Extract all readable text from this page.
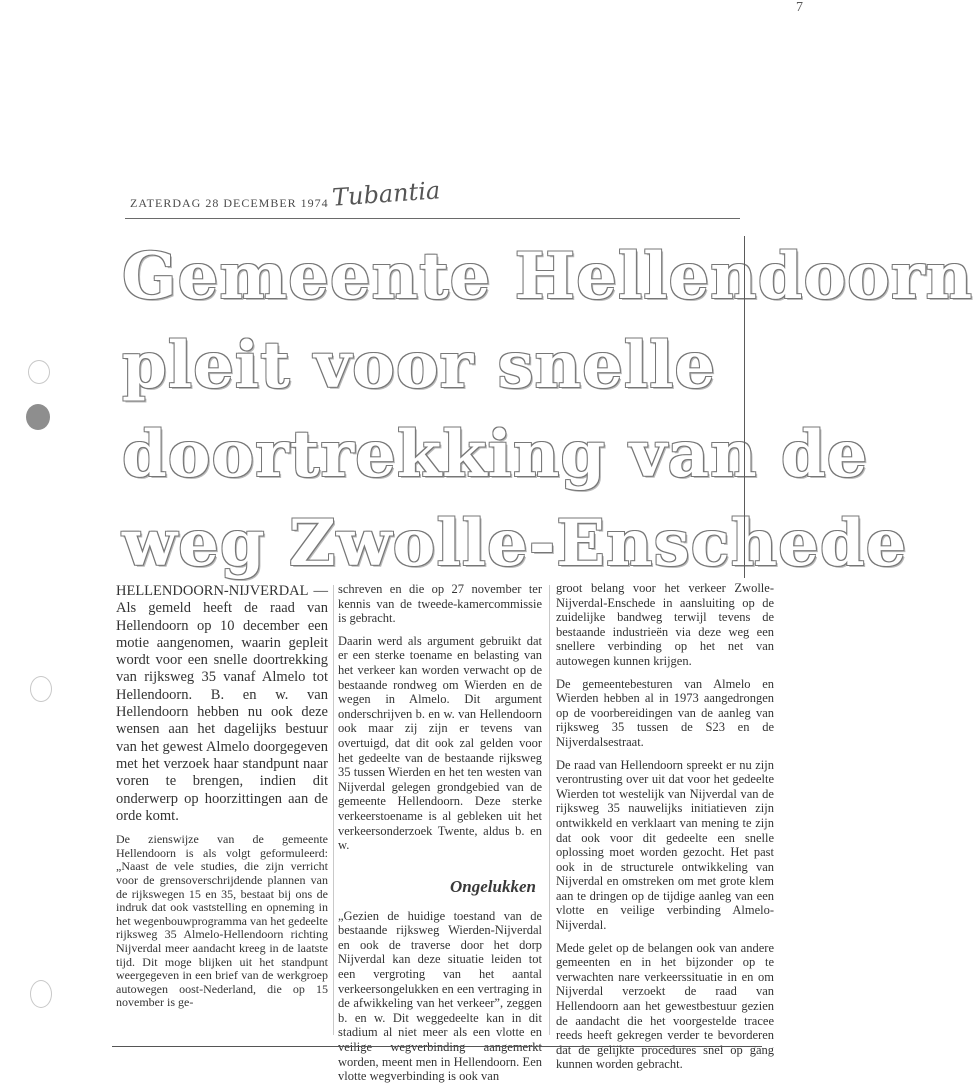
7
ZATERDAG 28 DECEMBER 1974 Tubantia
Gemeente Hellendoorn
pleit voor snelle
doortrekking van de
weg Zwolle-Enschede

HELLENDOORN-NIJVERDAL — Als gemeld heeft de raad van Hellendoorn op 10 december een motie aangenomen, waarin gepleit wordt voor een snelle doortrekking van rijksweg 35 vanaf Almelo tot Hellendoorn. B. en w. van Hellendoorn hebben nu ook deze wensen aan het dagelijks bestuur van het gewest Almelo doorgegeven met het verzoek haar standpunt naar voren te brengen, indien dit onderwerp op hoorzittingen aan de orde komt.

De zienswijze van de gemeente Hellendoorn is als volgt geformuleerd: „Naast de vele studies, die zijn verricht voor de grensoverschrijdende plannen van de rijkswegen 15 en 35, bestaat bij ons de indruk dat ook vaststelling en opneming in het wegenbouwprogramma van het gedeelte rijksweg 35 Almelo-Hellendoorn richting Nijverdal meer aandacht kreeg in de laatste tijd. Dit moge blijken uit het standpunt weergegeven in een brief van de werkgroep autowegen oost-Nederland, die op 15 november is ge-

schreven en die op 27 november ter kennis van de tweede-kamercommissie is gebracht.

Daarin werd als argument gebruikt dat er een sterke toename en belasting van het verkeer kan worden verwacht op de bestaande rondweg om Wierden en de wegen in Almelo. Dit argument onderschrijven b. en w. van Hellendoorn ook maar zij zijn er tevens van overtuigd, dat dit ook zal gelden voor het gedeelte van de bestaande rijksweg 35 tussen Wierden en het ten westen van Nijverdal gelegen grondgebied van de gemeente Hellendoorn. Deze sterke verkeerstoename is al gebleken uit het verkeersonderzoek Twente, aldus b. en w.

Ongelukken

„Gezien de huidige toestand van de bestaande rijksweg Wierden-Nijverdal en ook de traverse door het dorp Nijverdal kan deze situatie leiden tot een vergroting van het aantal verkeersongelukken en een vertraging in de afwikkeling van het verkeer”, zeggen b. en w. Dit weggedeelte kan in dit stadium al niet meer als een vlotte en veilige wegverbinding aangemerkt worden, meent men in Hellendoorn. Een vlotte wegverbinding is ook van

groot belang voor het verkeer Zwolle-Nijverdal-Enschede in aansluiting op de zuidelijke bandweg terwijl tevens de bestaande industrieën via deze weg een snellere verbinding op het net van autowegen kunnen krijgen.

De gemeentebesturen van Almelo en Wierden hebben al in 1973 aangedrongen op de voorbereidingen van de aanleg van rijksweg 35 tussen de S23 en de Nijverdalsestraat.

De raad van Hellendoorn spreekt er nu zijn verontrusting over uit dat voor het gedeelte Wierden tot westelijk van Nijverdal van de rijksweg 35 nauwelijks initiatieven zijn ontwikkeld en verklaart van mening te zijn dat ook voor dit gedeelte een snelle oplossing moet worden gezocht. Het past ook in de structurele ontwikkeling van Nijverdal en omstreken om met grote klem aan te dringen op de tijdige aanleg van een vlotte en veilige verbinding Almelo-Nijverdal.

Mede gelet op de belangen ook van andere gemeenten en in het bijzonder op te verwachten nare verkeerssituatie in en om Nijverdal verzoekt de raad van Hellendoorn aan het gewestbestuur gezien de aandacht die het voorgestelde tracee reeds heeft gekregen verder te bevorderen dat de gelijkte procedures snel op gang kunnen worden gebracht.
